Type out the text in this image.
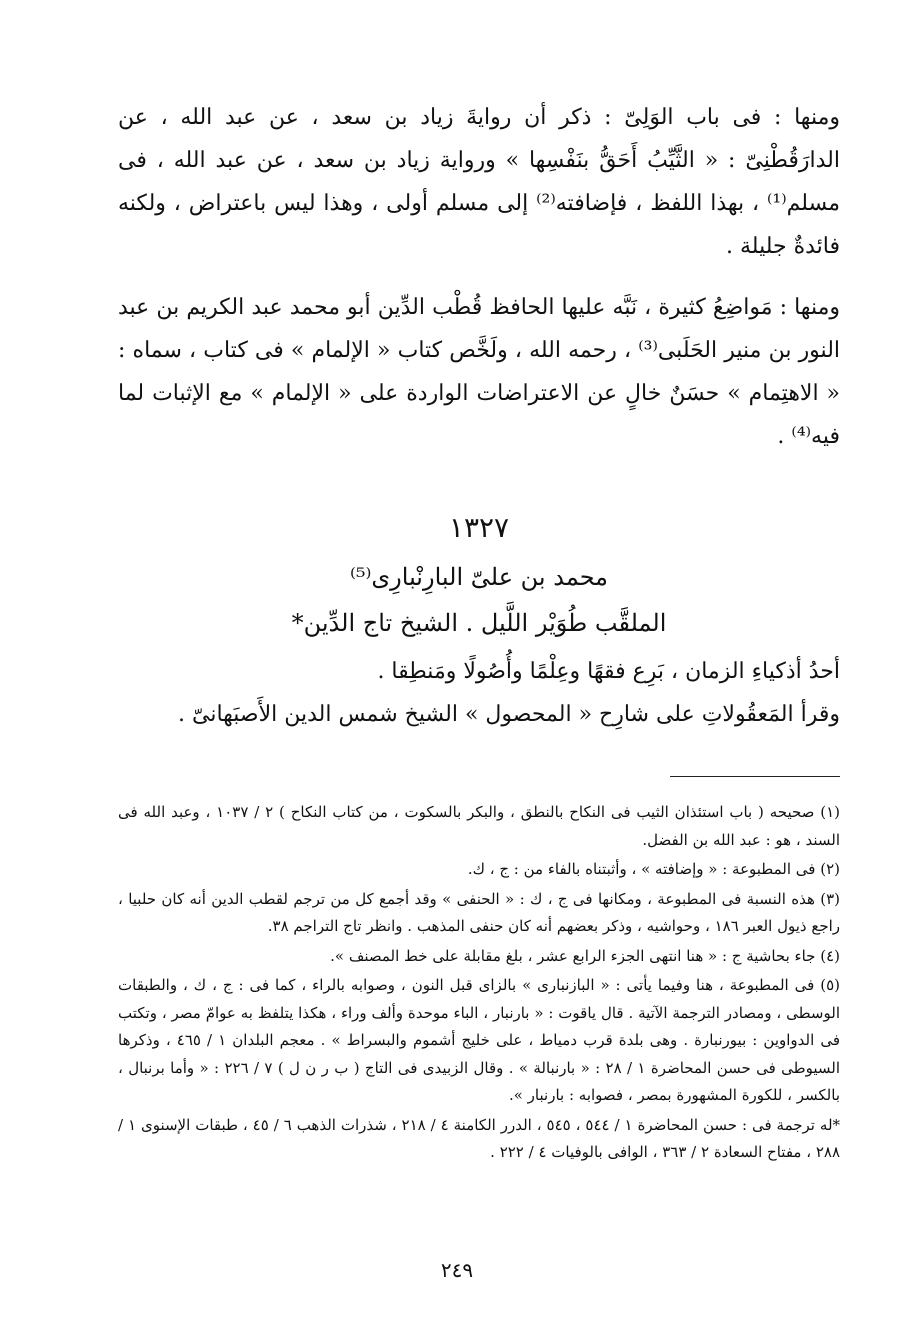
ومنها : فى باب الوَلِىّ : ذكر أن روايةَ زياد بن سعد ، عن عبد الله ، عن الدارَقُطْنِىّ : « الثَّيِّبُ أَحَقُّ بنَفْسِها » ورواية زياد بن سعد ، عن عبد الله ، فى مسلم⁽¹⁾ ، بهذا اللفظ ، فإضافته⁽²⁾ إلى مسلم أولى ، وهذا ليس باعتراض ، ولكنه فائدةٌ جليلة .

ومنها : مَواضِعُ كثيرة ، نَبَّه عليها الحافظ قُطْب الدِّين أبو محمد عبد الكريم بن عبد النور بن منير الحَلَبى⁽³⁾ ، رحمه الله ، ولَخَّص كتاب « الإلمام » فى كتاب ، سماه : « الاهتِمام » حسَنٌ خالٍ عن الاعتراضات الواردة على « الإلمام » مع الإثبات لما فيه⁽⁴⁾ .

١٣٢٧
محمد بن علىّ البارِنْبارِى⁽⁵⁾
الملقَّب طُوَيْر اللَّيل . الشيخ تاج الدِّين*

أحدُ أذكياءِ الزمان ، بَرِع فقهًا وعِلْمًا وأُصُولًا ومَنطِقا .

وقرأ المَعقُولاتِ على شارِح « المحصول » الشيخ شمس الدين الأَصبَهانىّ .

(١) صحيحه ( باب استئذان الثيب فى النكاح بالنطق ، والبكر بالسكوت ، من كتاب النكاح ) ٢ / ١٠٣٧ ، وعبد الله فى السند ، هو : عبد الله بن الفضل.

(٢) فى المطبوعة : « وإضافته » ، وأثبتناه بالفاء من : ج ، ك.

(٣) هذه النسبة فى المطبوعة ، ومكانها فى ج ، ك : « الحنفى » وقد أجمع كل من ترجم لقطب الدين أنه كان حلبيا ، راجع ذيول العبر ١٨٦ ، وحواشيه ، وذكر بعضهم أنه كان حنفى المذهب . وانظر تاج التراجم ٣٨.

(٤) جاء بحاشية ج : « هنا انتهى الجزء الرابع عشر ، بلغ مقابلة على خط المصنف ».

(٥) فى المطبوعة ، هنا وفيما يأتى : « البازنبارى » بالزاى قبل النون ، وصوابه بالراء ، كما فى : ج ، ك ، والطبقات الوسطى ، ومصادر الترجمة الآتية . قال ياقوت : « بارنبار ، الباء موحدة وألف وراء ، هكذا يتلفظ به عوامّ مصر ، وتكتب فى الدواوين : بيورنبارة . وهى بلدة قرب دمياط ، على خليج أشموم والبسراط » . معجم البلدان ١ / ٤٦٥ ، وذكرها السيوطى فى حسن المحاضرة ١ / ٢٨ : « بارنبالة » . وقال الزبيدى فى التاج ( ب ر ن ل ) ٧ / ٢٢٦ : « وأما برنبال ، بالكسر ، للكورة المشهورة بمصر ، فصوابه : بارنبار ».

*له ترجمة فى : حسن المحاضرة ١ / ٥٤٤ ، ٥٤٥ ، الدرر الكامنة ٤ / ٢١٨ ، شذرات الذهب ٦ / ٤٥ ، طبقات الإسنوى ١ / ٢٨٨ ، مفتاح السعادة ٢ / ٣٦٣ ، الوافى بالوفيات ٤ / ٢٢٢ .

٢٤٩
